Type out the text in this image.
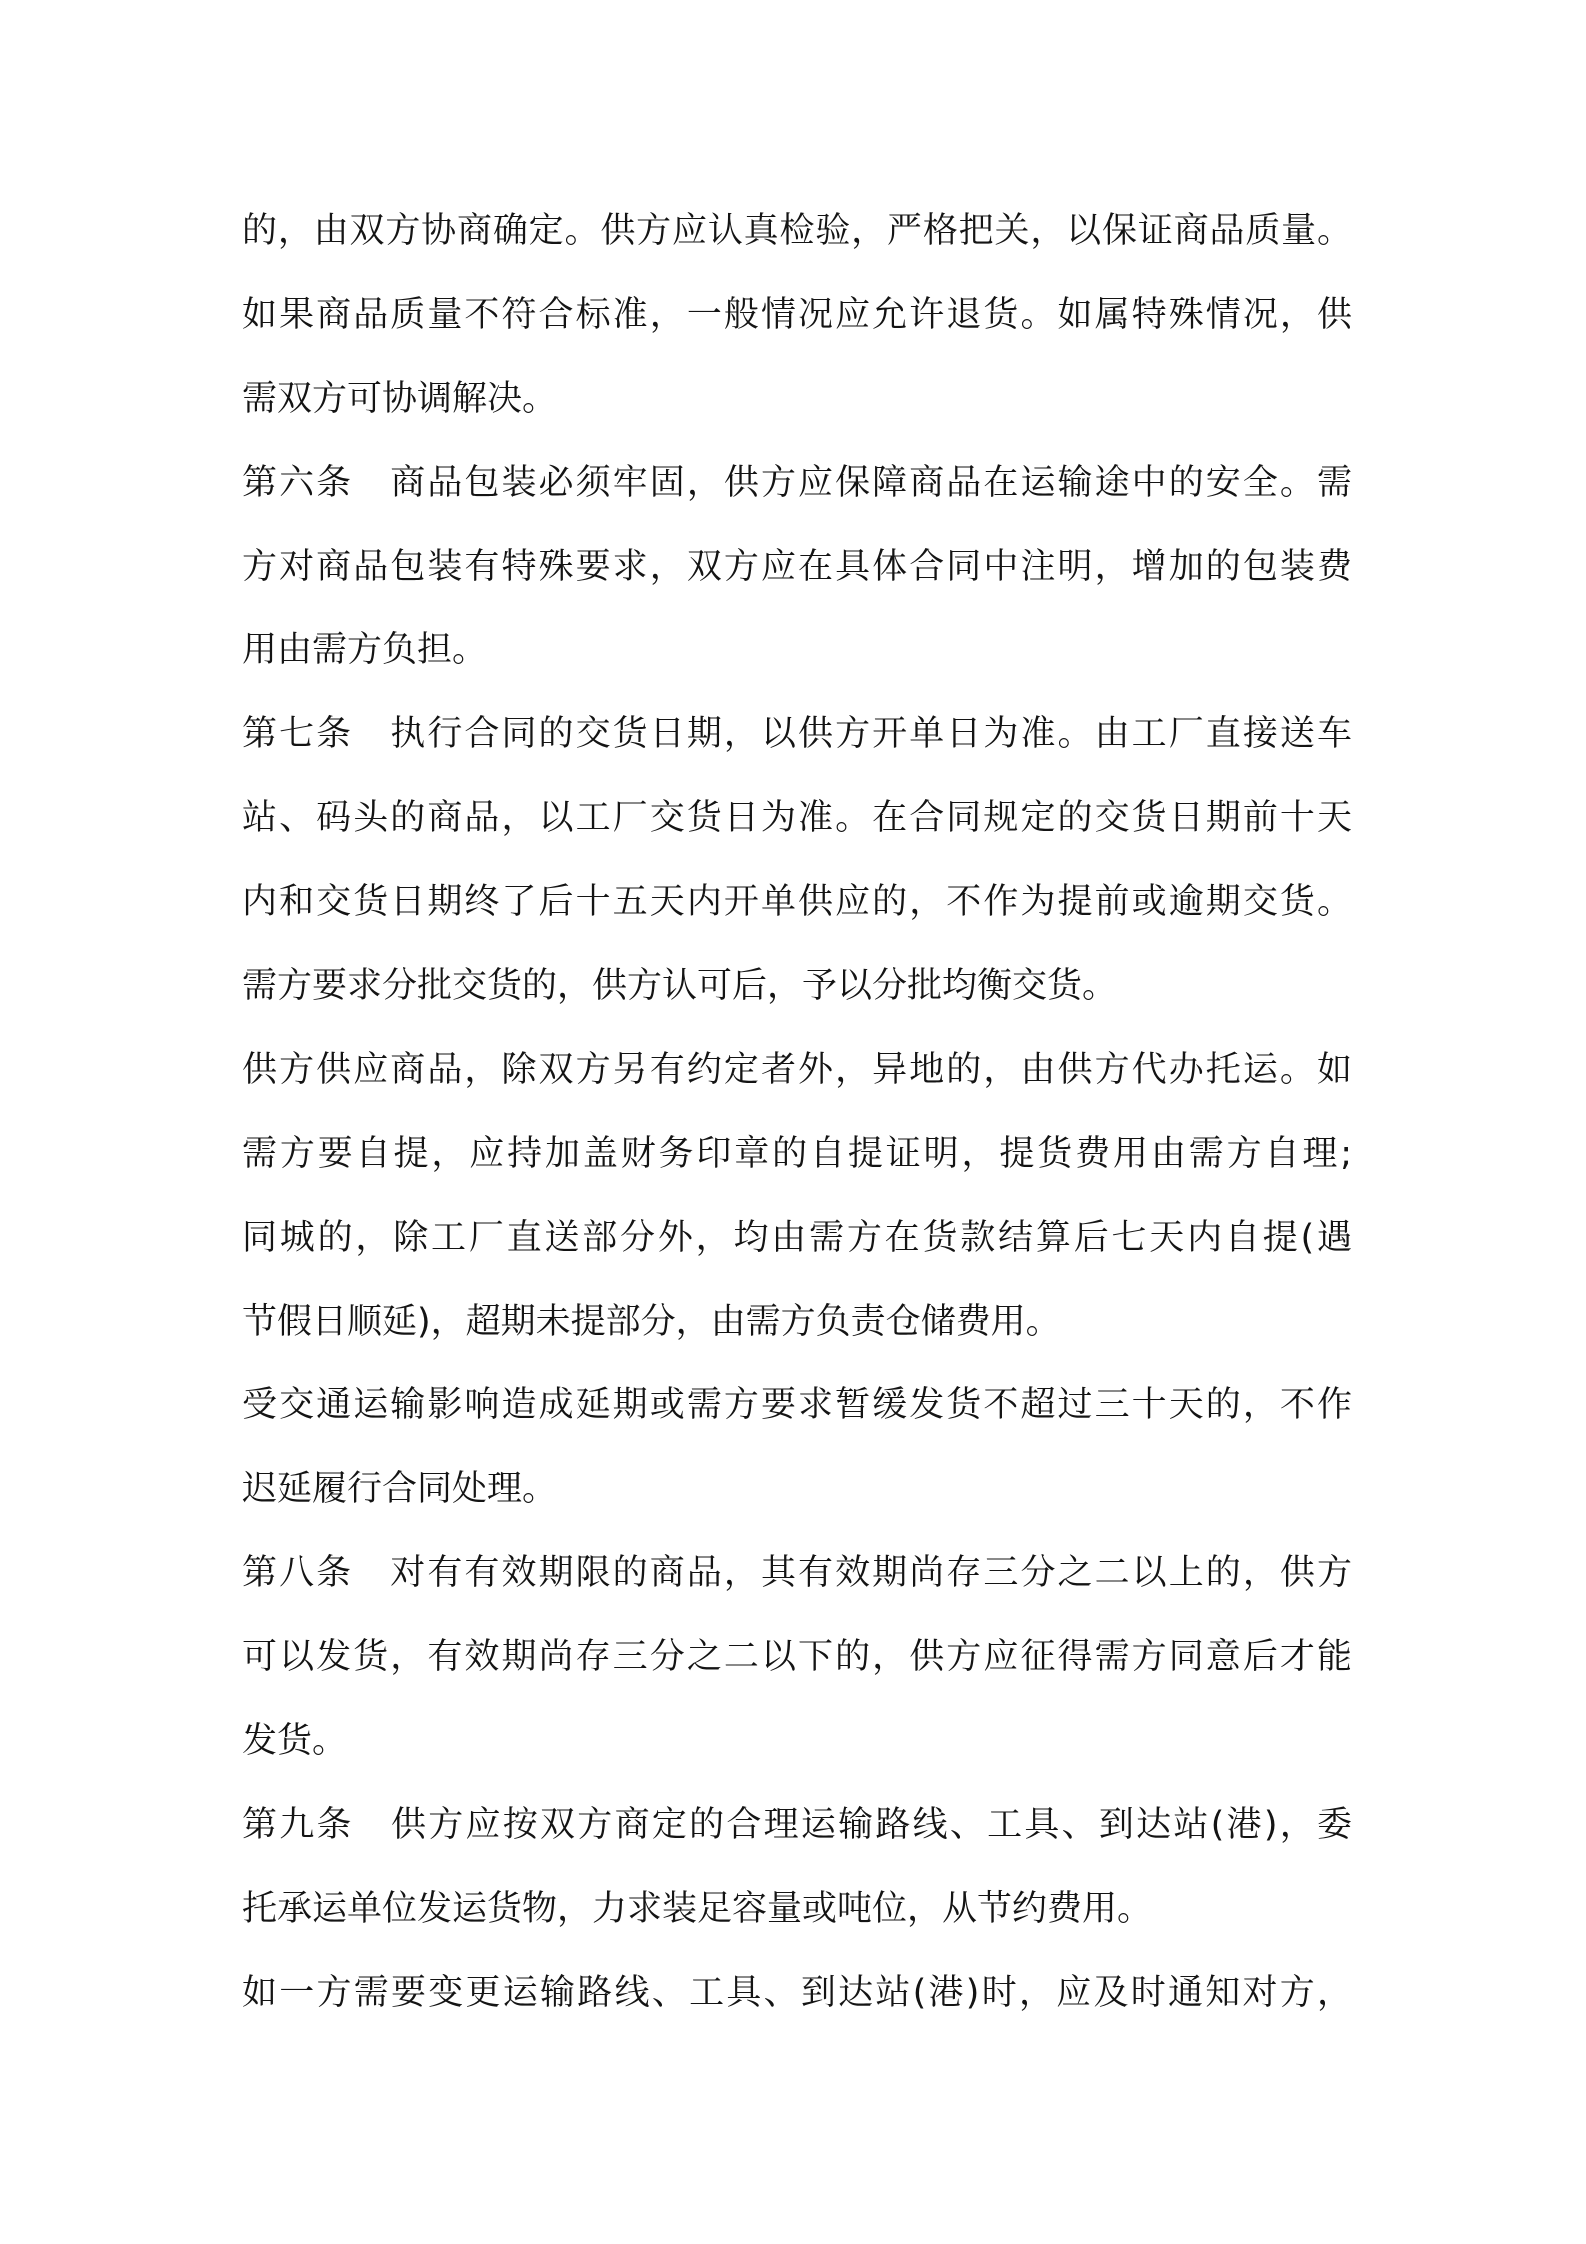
的，由双方协商确定。供方应认真检验，严格把关，以保证商品质量。
如果商品质量不符合标准，一般情况应允许退货。如属特殊情况，供
需双方可协调解决。
第六条　商品包装必须牢固，供方应保障商品在运输途中的安全。需
方对商品包装有特殊要求，双方应在具体合同中注明，增加的包装费
用由需方负担。
第七条　执行合同的交货日期，以供方开单日为准。由工厂直接送车
站、码头的商品，以工厂交货日为准。在合同规定的交货日期前十天
内和交货日期终了后十五天内开单供应的，不作为提前或逾期交货。
需方要求分批交货的，供方认可后，予以分批均衡交货。
供方供应商品，除双方另有约定者外，异地的，由供方代办托运。如
需方要自提，应持加盖财务印章的自提证明，提货费用由需方自理;
同城的，除工厂直送部分外，均由需方在货款结算后七天内自提(遇
节假日顺延)，超期未提部分，由需方负责仓储费用。
受交通运输影响造成延期或需方要求暂缓发货不超过三十天的，不作
迟延履行合同处理。
第八条　对有有效期限的商品，其有效期尚存三分之二以上的，供方
可以发货，有效期尚存三分之二以下的，供方应征得需方同意后才能
发货。
第九条　供方应按双方商定的合理运输路线、工具、到达站(港)，委
托承运单位发运货物，力求装足容量或吨位，从节约费用。
如一方需要变更运输路线、工具、到达站(港)时，应及时通知对方，
